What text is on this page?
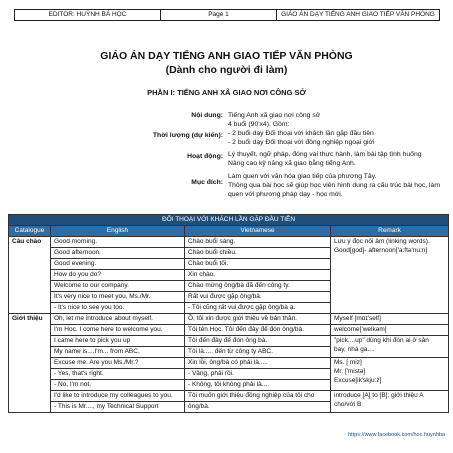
EDITOR: HUỲNH BÁ HỌC	Page 1	GIÁO ÁN DẠY TIẾNG ANH GIAO TIẾP VĂN PHÒNG
GIÁO ÁN DẠY TIẾNG ANH GIAO TIẾP VĂN PHÒNG
(Dành cho người đi làm)
PHẦN I: TIẾNG ANH XÃ GIAO NƠI CÔNG SỞ
Nội dung: Tiếng Anh xã giao nơi công sở
4 buổi (90'x4). Gồm:
Thời lượng (dự kiến): - 2 buổi dạy Đối thoại với khách lần gặp đầu tiên
- 2 buổi dạy Đối thoại với đồng nghiệp ngoại giới
Hoạt động: Lý thuyết, ngữ pháp, đóng vai thực hành, làm bài tập tình huống
Nâng cao kỹ năng xã giao bằng tiếng Anh.
Mục đích:
Làm quen với văn hóa giao tiếp của phương Tây.
Thông qua bài học sẽ giúp học viên hình dung ra cấu trúc bài học, làm
quen với phương pháp dạy - học mới.
ĐỐI THOẠI VỚI KHÁCH LẦN GẶP ĐẦU TIÊN			
Catalogue	English	Vietnamese	Remark
Câu chào	Good morning.	Chào buổi sáng.	Lưu ý đọc nối âm (linking words).
Good[god]- afternoon['a:ftə'nu:n]

	Good afternoon.	Chào buổi chiều.	
	Good evening.	Chào buổi tối.	
	How do you do?	Xin chào.	
	Welcome to our company.	Chào mừng ông/bà đã đến công ty.	
	It's very nice to meet you, Ms./Mr.	Rất vui được gặp ông/bà.	
	- It's nice to see you too.	- Tôi cũng rất vui được gặp ông/bà ạ.	
Giới thiệu	Oh, let me introduce about myself.	Ồ, tôi xin được giới thiệu về bản thân.	Myself [mɑɪ'self]
	I'm Hoc. I come here to welcome you.	Tôi tên Học. Tôi đến đây để đón ông/bà.	welcome['welkəm]
	I came here to pick you up	Tôi đến đây để đón ông bà.	"pick....up" dùng khi đón ai ở sân
bay, nhà ga....

	My name is....I'm... from ABC.	Tôi là..... đến từ công ty ABC.	
	Excuse me. Are you Ms./Mr.?	Xin lỗi, ông/bà có phải là.....	Ms. [ miz]
Mr. ['mistə]
Excuse[ik'skju:z]

	- Yes, that's right.	- Vâng, phải rồi.	
	- No, I'm not.	- Không, tôi không phải là....	
	I'd like to introduce my colleagues to you.	Tôi muốn giới thiệu đồng nghiệp của tôi cho	introduce [A] to [B]: giới thiệu A
cho/với B

	- This is Mr...., my Technical Support	ông/bà.	
https://www.facebook.com/hoc.huynhba
